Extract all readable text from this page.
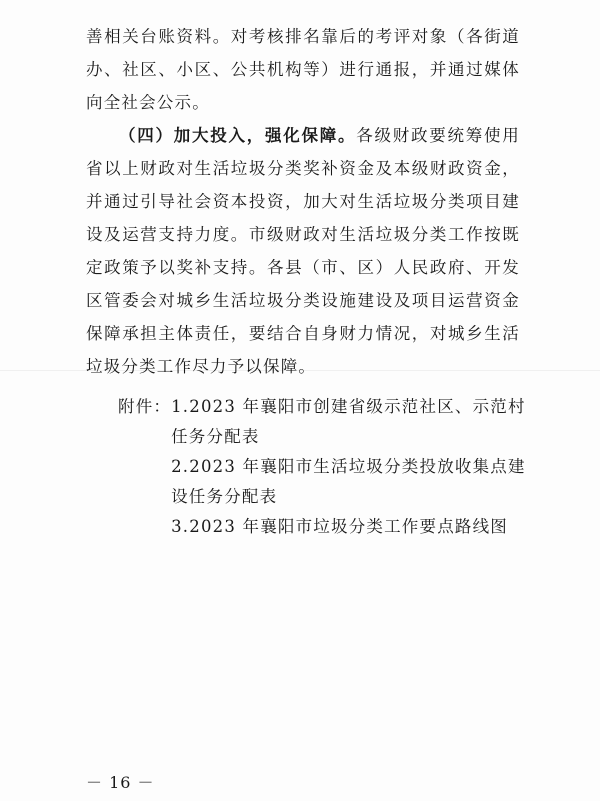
善相关台账资料。对考核排名靠后的考评对象（各街道办、社区、小区、公共机构等）进行通报，并通过媒体向全社会公示。

（四）加大投入，强化保障。各级财政要统筹使用省以上财政对生活垃圾分类奖补资金及本级财政资金，并通过引导社会资本投资，加大对生活垃圾分类项目建设及运营支持力度。市级财政对生活垃圾分类工作按既定政策予以奖补支持。各县（市、区）人民政府、开发区管委会对城乡生活垃圾分类设施建设及项目运营资金保障承担主体责任，要结合自身财力情况，对城乡生活垃圾分类工作尽力予以保障。

附件： 1.2023 年襄阳市创建省级示范社区、示范村任务分配表

2.2023 年襄阳市生活垃圾分类投放收集点建设任务分配表

3.2023 年襄阳市垃圾分类工作要点路线图

－ 16 －
